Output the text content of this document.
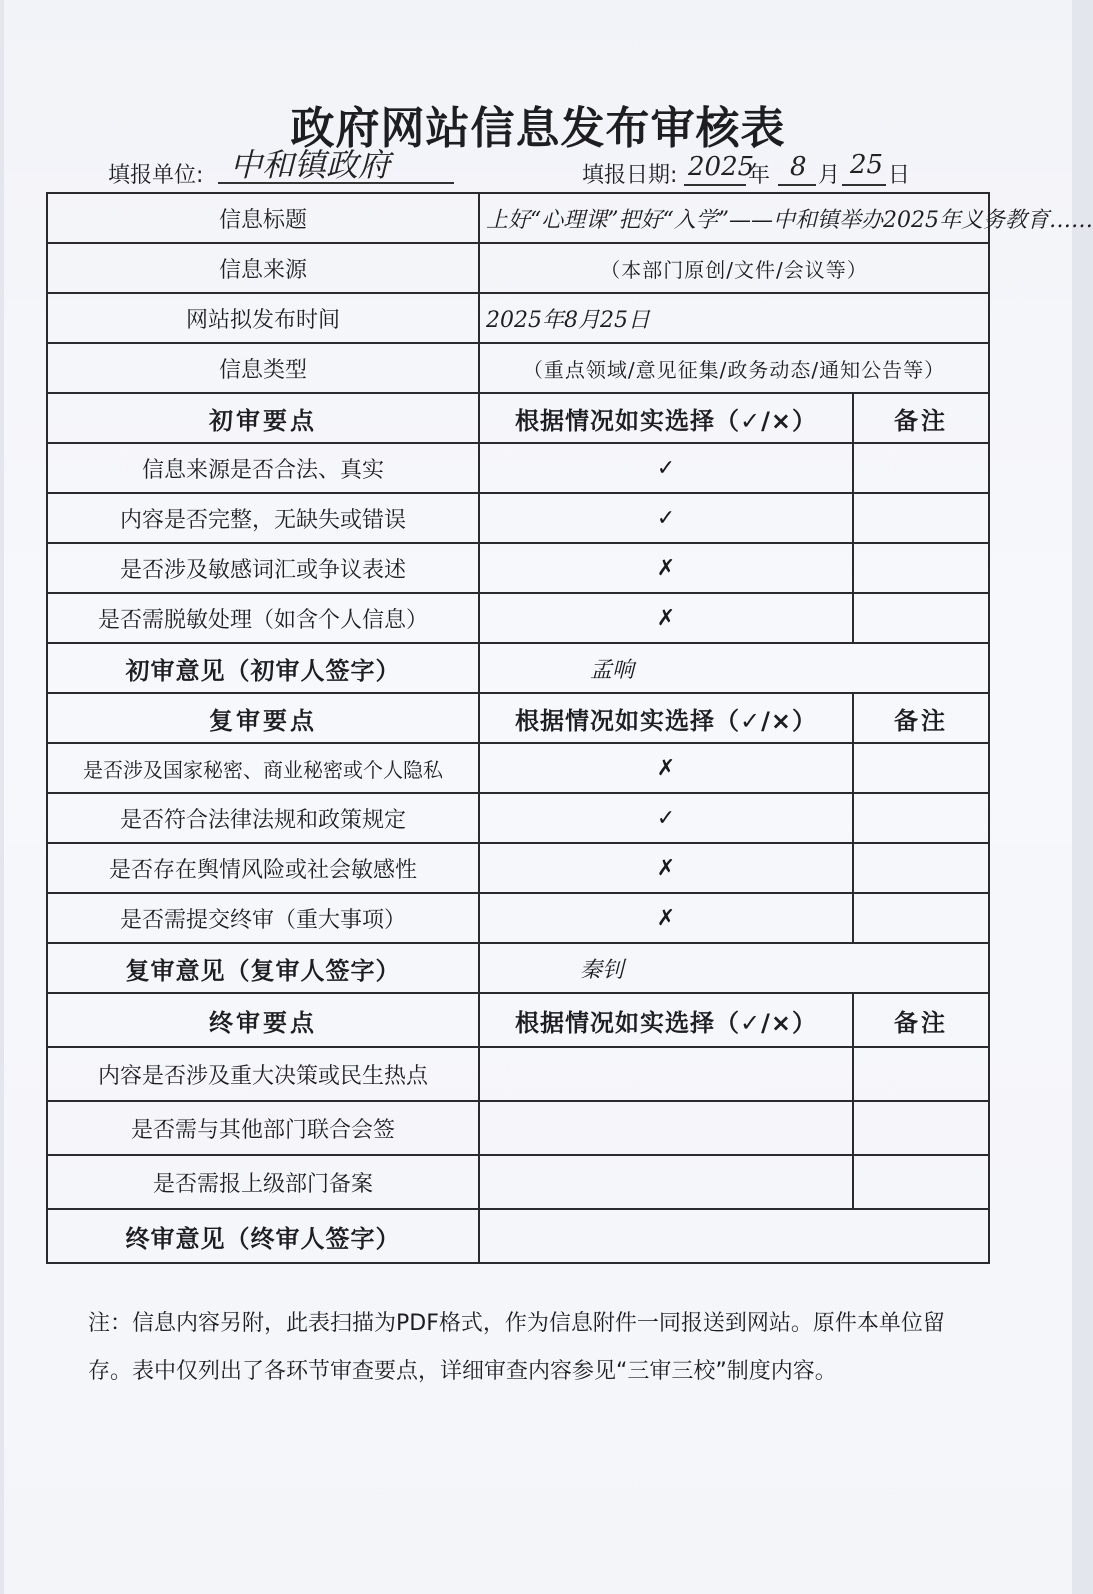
政府网站信息发布审核表
填报单位: 中和镇政府	填报日期: 2025
年 8 月 25 日
信息标题	上好“心理课”把好“入学”——中和镇举办2025年义务教育……	
信息来源	（本部门原创/文件/会议等）	
网站拟发布时间	2025年8月25日	
信息类型	（重点领域/意见征集/政务动态/通知公告等）	
初审要点	根据情况如实选择（✓/×）	备注
信息来源是否合法、真实	✓	
内容是否完整，无缺失或错误	✓	
是否涉及敏感词汇或争议表述	✗	
是否需脱敏处理（如含个人信息）	✗	
初审意见（初审人签字）	孟响	
复审要点	根据情况如实选择（✓/×）	备注
是否涉及国家秘密、商业秘密或个人隐私	✗	
是否符合法律法规和政策规定	✓	
是否存在舆情风险或社会敏感性	✗	
是否需提交终审（重大事项）	✗	
复审意见（复审人签字）	秦钊	
终审要点	根据情况如实选择（✓/×）	备注
内容是否涉及重大决策或民生热点		
是否需与其他部门联合会签		
是否需报上级部门备案		
终审意见（终审人签字）		
注：信息内容另附，此表扫描为PDF格式，作为信息附件一同报送到网站。原件本单位留存。表中仅列出了各环节审查要点，详细审查内容参见“三审三校”制度内容。
